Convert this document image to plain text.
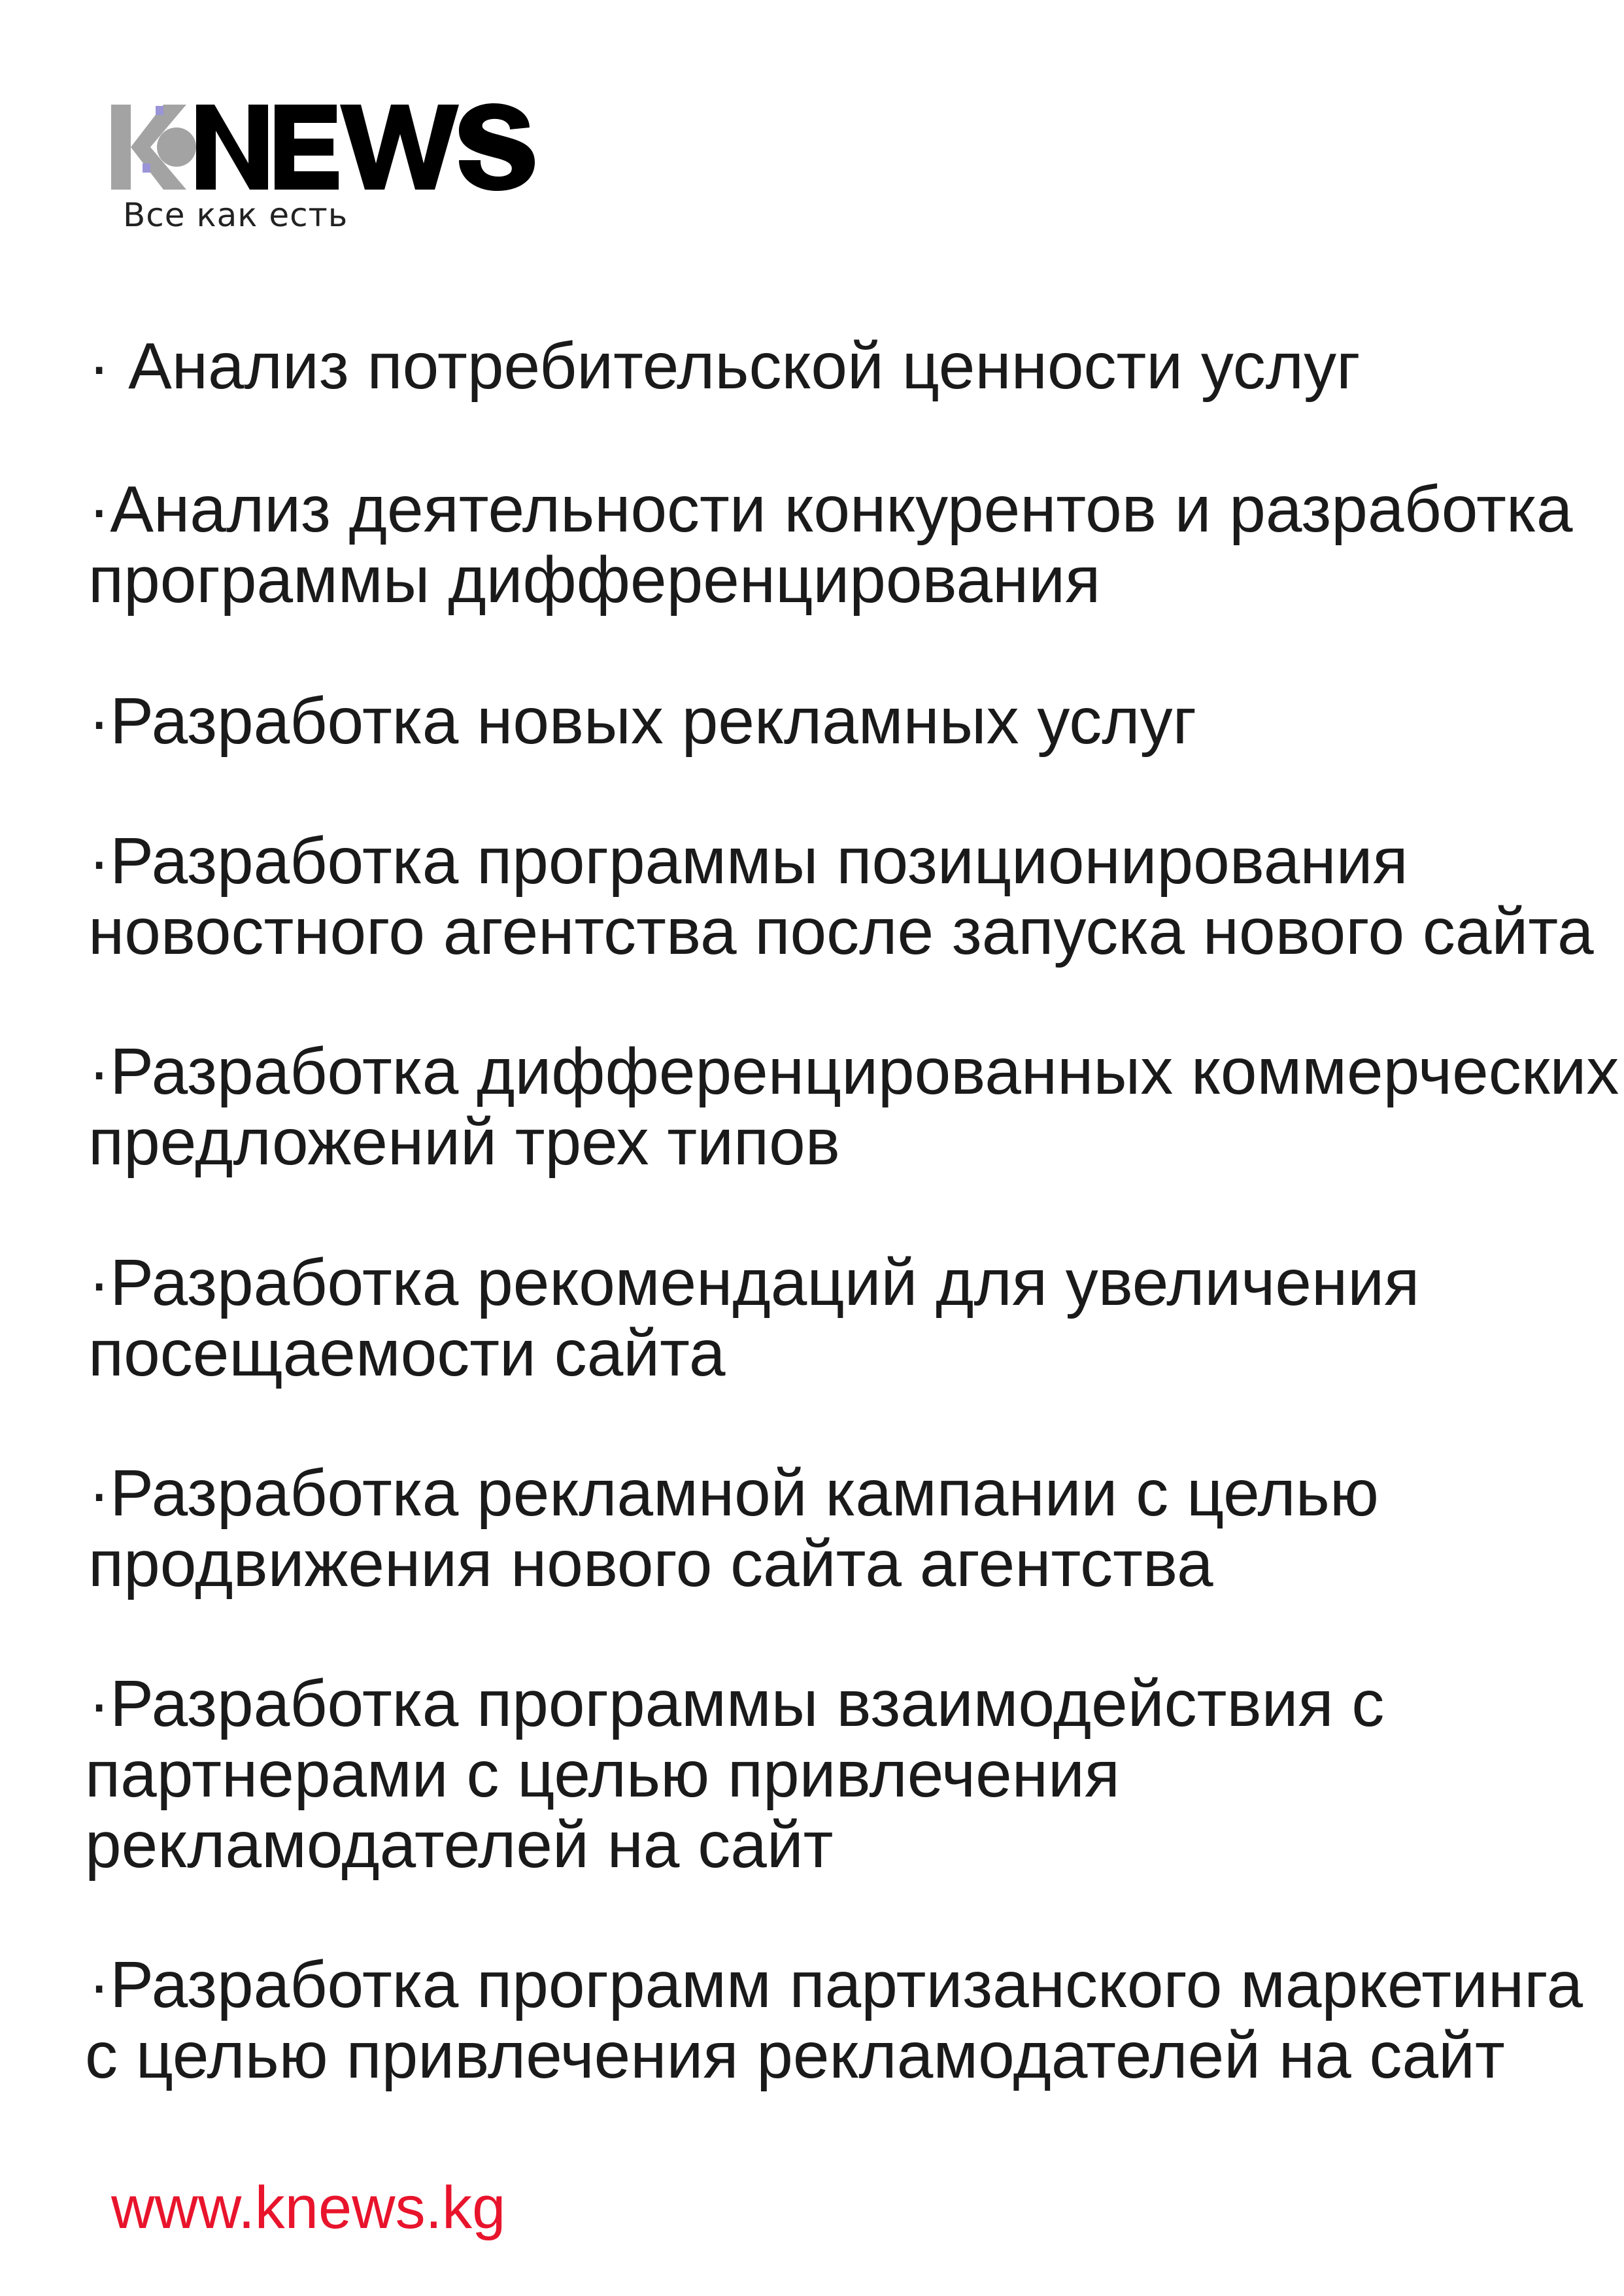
Все как есть
· Анализ потребительской ценности услуг
·Анализ деятельности конкурентов и разработка
программы дифференцирования
·Разработка новых рекламных услуг
·Разработка программы позиционирования
новостного агентства после запуска нового сайта
·Разработка дифференцированных коммерческих
предложений трех типов
·Разработка рекомендаций для увеличения
посещаемости сайта
·Разработка рекламной кампании с целью
продвижения нового сайта агентства
·Разработка программы взаимодействия с
партнерами с целью привлечения
рекламодателей на сайт
·Разработка программ партизанского маркетинга
с целью привлечения рекламодателей на сайт
www.knews.kg
